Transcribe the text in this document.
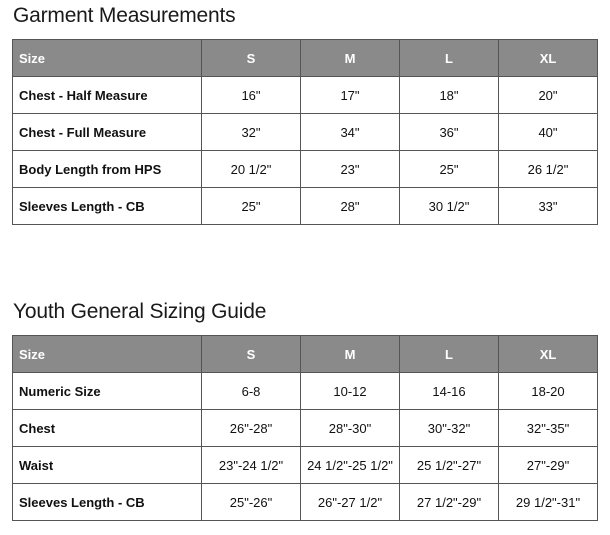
Garment Measurements
Size	S	M	L	XL
Chest - Half Measure	16"	17"	18"	20"
Chest - Full Measure	32"	34"	36"	40"
Body Length from HPS	20 1/2"	23"	25"	26 1/2"
Sleeves Length - CB	25"	28"	30 1/2"	33"
Youth General Sizing Guide
Size	S	M	L	XL
Numeric Size	6-8	10-12	14-16	18-20
Chest	26"-28"	28"-30"	30"-32"	32"-35"
Waist	23"-24 1/2"	24 1/2"-25 1/2"	25 1/2"-27"	27"-29"
Sleeves Length - CB	25"-26"	26"-27 1/2"	27 1/2"-29"	29 1/2"-31"
